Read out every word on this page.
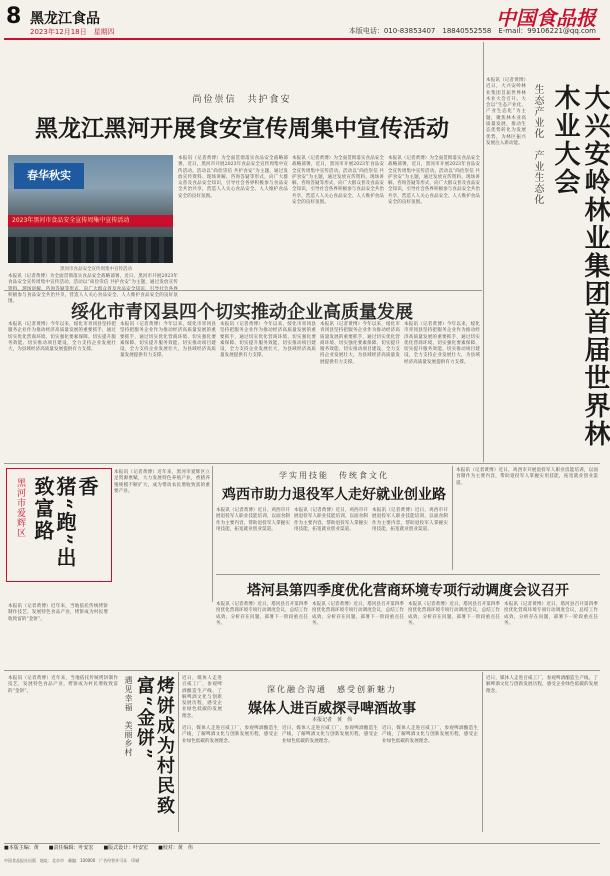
8 黑龙江食品
2023年12月18日　星期四
中国食品报
本版电话：010-83853407　18840552558　E-mail：99106221@qq.com
尚俭崇信　共护食安
黑龙江黑河开展食安宣传周集中宣传活动
春华秋实
2023年黑河市食品安全宣传周集中宣传活动
黑河市食品安全宣传周集中宣传活动
本报讯（记者黄博）为全面贯彻落实食品安全战略部署，近日，黑河市开展2023年食品安全宣传周集中宣传活动。活动以“尚俭崇信 共护食安”为主题，通过发放宣传资料、现场讲解、咨询答疑等形式，向广大群众普及食品安全知识，引导社会各界积极参与食品安全共治共享，营造人人关心食品安全、人人维护食品安全的良好氛围。
本报讯（记者黄博）为全面贯彻落实食品安全战略部署，近日，黑河市开展2023年食品安全宣传周集中宣传活动。活动以“尚俭崇信 共护食安”为主题，通过发放宣传资料、现场讲解、咨询答疑等形式，向广大群众普及食品安全知识，引导社会各界积极参与食品安全共治共享，营造人人关心食品安全、人人维护食品安全的良好氛围。
本报讯（记者黄博）为全面贯彻落实食品安全战略部署，近日，黑河市开展2023年食品安全宣传周集中宣传活动。活动以“尚俭崇信 共护食安”为主题，通过发放宣传资料、现场讲解、咨询答疑等形式，向广大群众普及食品安全知识，引导社会各界积极参与食品安全共治共享，营造人人关心食品安全、人人维护食品安全的良好氛围。
本报讯（记者黄博）为全面贯彻落实食品安全战略部署，近日，黑河市开展2023年食品安全宣传周集中宣传活动。活动以“尚俭崇信 共护食安”为主题，通过发放宣传 积极参与食品安全共治共享，营造人人关心食品安全、人人维护食品安全的良好氛围。
本报讯（记者黄博）近日，大兴安岭林业集团首届世界林木业大会召开。大会以“生态产业化、产业生态化”为主题，聚焦林木业高质量发展，推动生态优势转化为发展优势，为林区振兴发展注入新动能。 生态产业化　产业生态化	大兴安岭林业集团首届世界林木业大会
绥化市青冈县四个切实推动企业高质量发展
本报讯（记者黄博）今年以来，绥化市青冈县坚持把服务企业作为推动经济高质量发展的重要抓手，通过切实优化营商环境、切实强化要素保障、切实提升服务效能、切实推动项目建设，全力支持企业发展壮大，为县域经济高质量发展提供有力支撑。
本报讯（记者黄博）今年以来，绥化市青冈县坚持把服务企业作为推动经济高质量发展的重要抓手，通过切实优化营商环境、切实强化要素保障、切实提升服务效能、切实推动项目建设，全力支持企业发展壮大，为县域经济高质量发展提供有力支撑。
本报讯（记者黄博）今年以来，绥化市青冈县坚持把服务企业作为推动经济高质量发展的重要抓手，通过切实优化营商环境、切实强化要素保障、切实提升服务效能、切实推动项目建设，全力支持企业发展壮大，为县域经济高质量发展提供有力支撑。
本报讯（记者黄博）今年以来，绥化市青冈县坚持把服务企业作为推动经济高质量发展的重要抓手，通过切实优化营商环境、切实强化要素保障、切实提升服务效能、切实推动项目建设，全力支持企业发展壮大，为县域经济高质量发展提供有力支撑。
本报讯（记者黄博）今年以来，绥化市青冈县坚持把服务企业作为推动经济高质量发展的重要抓手，通过切实优化营商环境、切实强化要素保障、切实提升服务效能、切实推动项目建设，全力支持企业发展壮大，为县域经济高质量发展提供有力支撑。
黑河市爱辉区	香猪“跑”出致富路
本报讯（记者黄博）近年来，黑河市爱辉区立足资源禀赋，大力发展特色养殖产业，香猪养殖规模不断扩大，成为带动农民增收致富的重要产业。
学实用技能　传统食文化
鸡西市助力退役军人走好就业创业路
本报讯（记者黄博）近日，鸡西市开展退役军人职业技能培训，以面食制作为主要内容，帮助退役军人掌握实用技能，拓宽就业创业渠道。
本报讯（记者黄博）近日，鸡西市开展退役军人职业技能培训，以面食制作为主要内容，帮助退役军人掌握实用技能，拓宽就业创业渠道。
本报讯（记者黄博）近日，鸡西市开展退役军人职业技能培训，以面食制作为主要内容，帮助退役军人掌握实用技能，拓宽就业创业渠道。
本报讯（记者黄博）近日，鸡西市开展退役军人职业技能培训，以面食制作为主要内容，帮助退役军人掌握实用技能，拓宽就业创业渠道。
塔河县第四季度优化营商环境专项行动调度会议召开
本报讯（记者黄博）近日，塔河县召开第四季度优化营商环境专项行动调度会议，总结工作成效，分析存在问题，部署下一阶段重点任务。
本报讯（记者黄博）近日，塔河县召开第四季度优化营商环境专项行动调度会议，总结工作成效，分析存在问题，部署下一阶段重点任务。
本报讯（记者黄博）近日，塔河县召开第四季度优化营商环境专项行动调度会议，总结工作成效，分析存在问题，部署下一阶段重点任务。
本报讯（记者黄博）近日，塔河县召开第四季度优化营商环境专项行动调度会议，总结工作成效，分析存在问题，部署下一阶段重点任务。
本报讯（记者黄博）近年来，当地依托传统烤饼制作技艺，发展特色食品产业，烤饼成为村民增收致富的“金饼”。
本报讯（记者黄博）近年来，当地依托传统烤饼制作技艺，发展特色食品产业，烤饼成为村民增收致富的“金饼”。	遇见幸福　美丽乡村	烤饼成为村民致富“金饼”	深化融合沟通　感受创新魅力
媒体人进百威探寻啤酒故事
本报记者　黄　伟
近日，媒体人走进百威工厂，参观啤酒酿造生产线，了解啤酒文化与创新发展历程，感受企业绿色低碳的发展理念。
近日，媒体人走进百威工厂，参观啤酒酿造生产线，了解啤酒文化与创新发展历程，感受企业绿色低碳的发展理念。
近日，媒体人走进百威工厂，参观啤酒酿造生产线，了解啤酒文化与创新发展历程，感受企业绿色低碳的发展理念。
近日，媒体人走进百威工厂，参观啤酒酿造生产线，了解啤酒文化与创新发展历程，感受企业绿色低碳的发展理念。
近日，媒体人走进百威工厂，参观啤酒酿造生产线，了解啤酒文化与创新发展历程，感受企业绿色低碳的发展理念。
■本版主编：黄　　■责任编辑：叶安宏　　■版式设计：叶安宏　　■校对：黄　伟
中国食品报社出版　地址：北京市　邮编：100000　广告经营许可证　印刷
